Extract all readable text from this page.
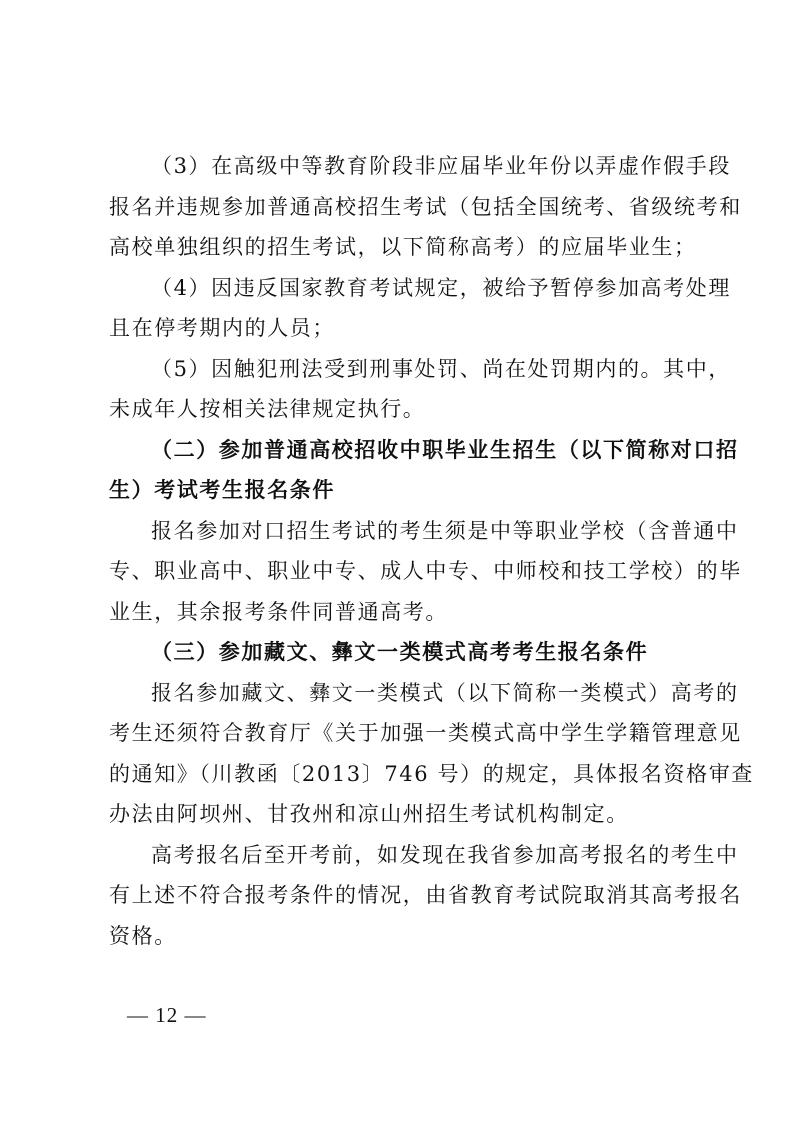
（3）在高级中等教育阶段非应届毕业年份以弄虚作假手段
报名并违规参加普通高校招生考试（包括全国统考、省级统考和
高校单独组织的招生考试，以下简称高考）的应届毕业生；
（4）因违反国家教育考试规定，被给予暂停参加高考处理
且在停考期内的人员；
（5）因触犯刑法受到刑事处罚、尚在处罚期内的。其中，
未成年人按相关法律规定执行。
（二）参加普通高校招收中职毕业生招生（以下简称对口招
生）考试考生报名条件
报名参加对口招生考试的考生须是中等职业学校（含普通中
专、职业高中、职业中专、成人中专、中师校和技工学校）的毕
业生，其余报考条件同普通高考。
（三）参加藏文、彝文一类模式高考考生报名条件
报名参加藏文、彝文一类模式（以下简称一类模式）高考的
考生还须符合教育厅《关于加强一类模式高中学生学籍管理意见
的通知》（川教函〔2013〕746 号）的规定，具体报名资格审查
办法由阿坝州、甘孜州和凉山州招生考试机构制定。
高考报名后至开考前，如发现在我省参加高考报名的考生中
有上述不符合报考条件的情况，由省教育考试院取消其高考报名
资格。
— 12 —
